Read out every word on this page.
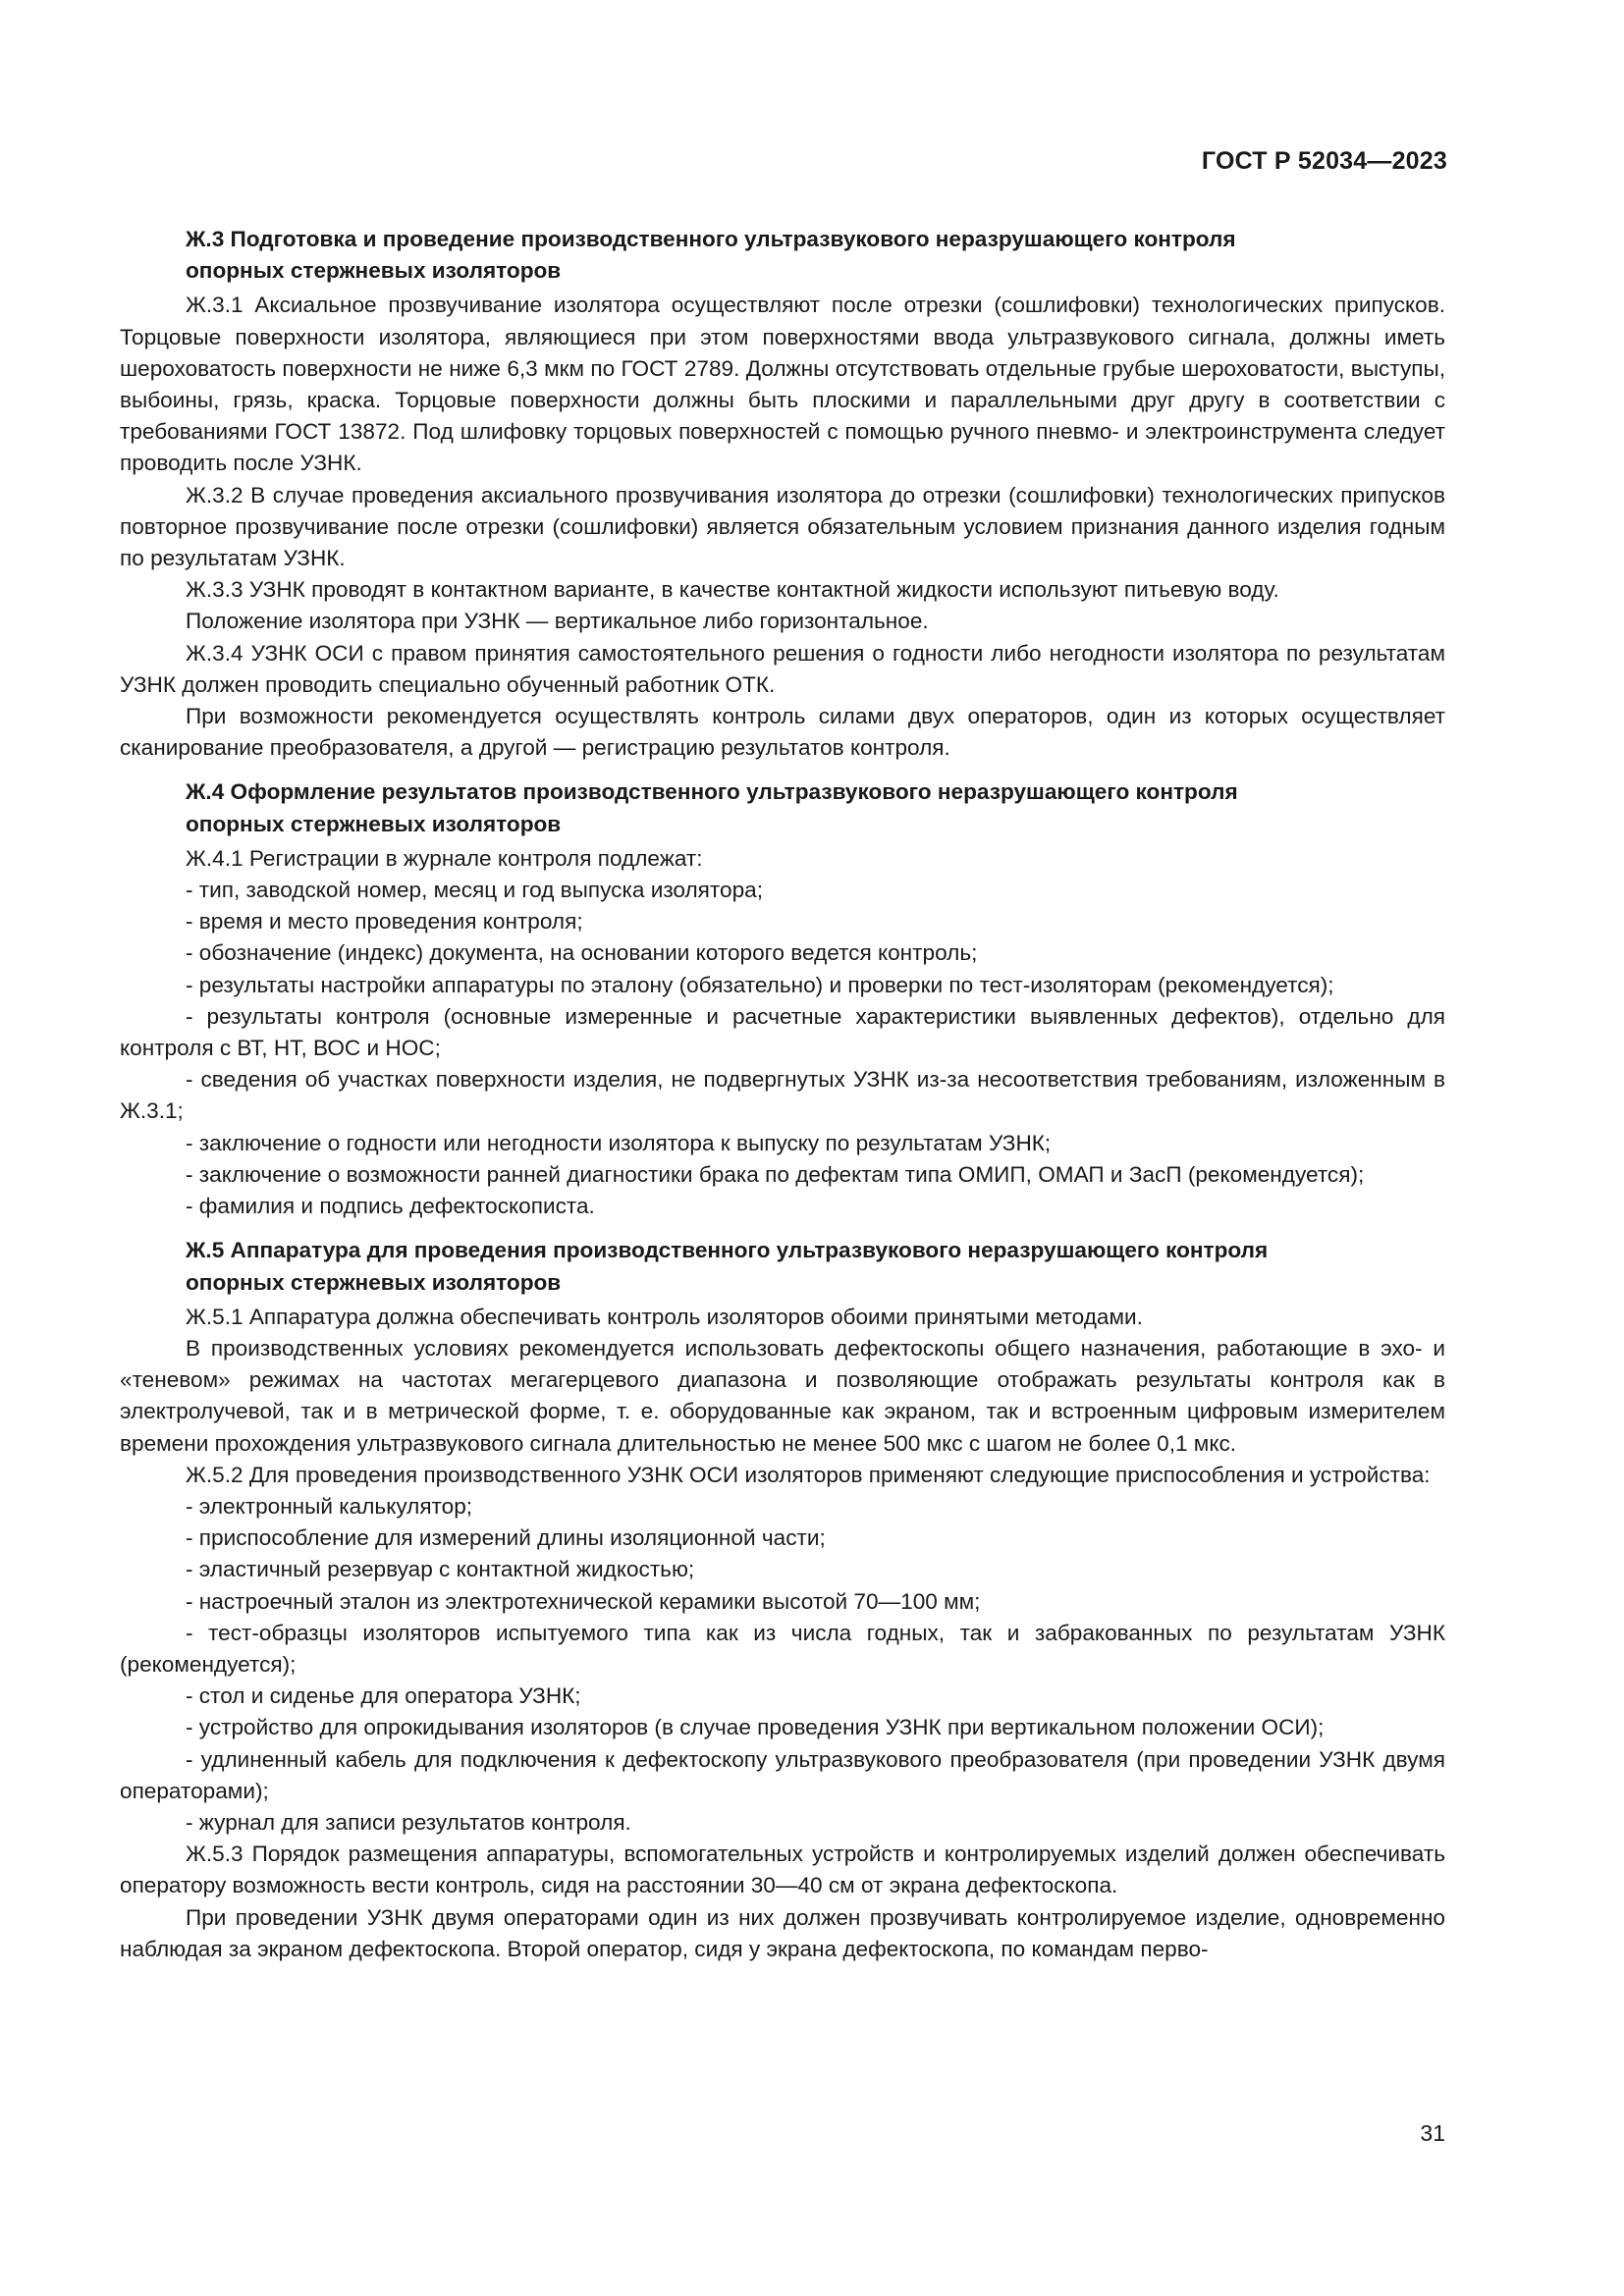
ГОСТ Р 52034—2023
Ж.3 Подготовка и проведение производственного ультразвукового неразрушающего контроля
опорных стержневых изоляторов

Ж.3.1 Аксиальное прозвучивание изолятора осуществляют после отрезки (сошлифовки) технологических припусков. Торцовые поверхности изолятора, являющиеся при этом поверхностями ввода ультразвукового сигнала, должны иметь шероховатость поверхности не ниже 6,3 мкм по ГОСТ 2789. Должны отсутствовать отдельные грубые шероховатости, выступы, выбоины, грязь, краска. Торцовые поверхности должны быть плоскими и параллельными друг другу в соответствии с требованиями ГОСТ 13872. Под шлифовку торцовых поверхностей с помощью ручного пневмо- и электроинструмента следует проводить после УЗНК.

Ж.3.2 В случае проведения аксиального прозвучивания изолятора до отрезки (сошлифовки) технологических припусков повторное прозвучивание после отрезки (сошлифовки) является обязательным условием признания данного изделия годным по результатам УЗНК.

Ж.3.3 УЗНК проводят в контактном варианте, в качестве контактной жидкости используют питьевую воду.

Положение изолятора при УЗНК — вертикальное либо горизонтальное.

Ж.3.4 УЗНК ОСИ с правом принятия самостоятельного решения о годности либо негодности изолятора по результатам УЗНК должен проводить специально обученный работник ОТК.

При возможности рекомендуется осуществлять контроль силами двух операторов, один из которых осуществляет сканирование преобразователя, а другой — регистрацию результатов контроля.

Ж.4 Оформление результатов производственного ультразвукового неразрушающего контроля
опорных стержневых изоляторов

Ж.4.1 Регистрации в журнале контроля подлежат:

- тип, заводской номер, месяц и год выпуска изолятора;

- время и место проведения контроля;

- обозначение (индекс) документа, на основании которого ведется контроль;

- результаты настройки аппаратуры по эталону (обязательно) и проверки по тест-изоляторам (рекомендуется);

- результаты контроля (основные измеренные и расчетные характеристики выявленных дефектов), отдельно для контроля с ВТ, НТ, ВОС и НОС;

- сведения об участках поверхности изделия, не подвергнутых УЗНК из-за несоответствия требованиям, изложенным в Ж.3.1;

- заключение о годности или негодности изолятора к выпуску по результатам УЗНК;

- заключение о возможности ранней диагностики брака по дефектам типа ОМИП, ОМАП и ЗасП (рекомендуется);

- фамилия и подпись дефектоскописта.

Ж.5 Аппаратура для проведения производственного ультразвукового неразрушающего контроля
опорных стержневых изоляторов

Ж.5.1 Аппаратура должна обеспечивать контроль изоляторов обоими принятыми методами.

В производственных условиях рекомендуется использовать дефектоскопы общего назначения, работающие в эхо- и «теневом» режимах на частотах мегагерцевого диапазона и позволяющие отображать результаты контроля как в электролучевой, так и в метрической форме, т. е. оборудованные как экраном, так и встроенным цифровым измерителем времени прохождения ультразвукового сигнала длительностью не менее 500 мкс с шагом не более 0,1 мкс.

Ж.5.2 Для проведения производственного УЗНК ОСИ изоляторов применяют следующие приспособления и устройства:

- электронный калькулятор;

- приспособление для измерений длины изоляционной части;

- эластичный резервуар с контактной жидкостью;

- настроечный эталон из электротехнической керамики высотой 70—100 мм;

- тест-образцы изоляторов испытуемого типа как из числа годных, так и забракованных по результатам УЗНК (рекомендуется);

- стол и сиденье для оператора УЗНК;

- устройство для опрокидывания изоляторов (в случае проведения УЗНК при вертикальном положении ОСИ);

- удлиненный кабель для подключения к дефектоскопу ультразвукового преобразователя (при проведении УЗНК двумя операторами);

- журнал для записи результатов контроля.

Ж.5.3 Порядок размещения аппаратуры, вспомогательных устройств и контролируемых изделий должен обеспечивать оператору возможность вести контроль, сидя на расстоянии 30—40 см от экрана дефектоскопа.

При проведении УЗНК двумя операторами один из них должен прозвучивать контролируемое изделие, одновременно наблюдая за экраном дефектоскопа. Второй оператор, сидя у экрана дефектоскопа, по командам перво-

31
